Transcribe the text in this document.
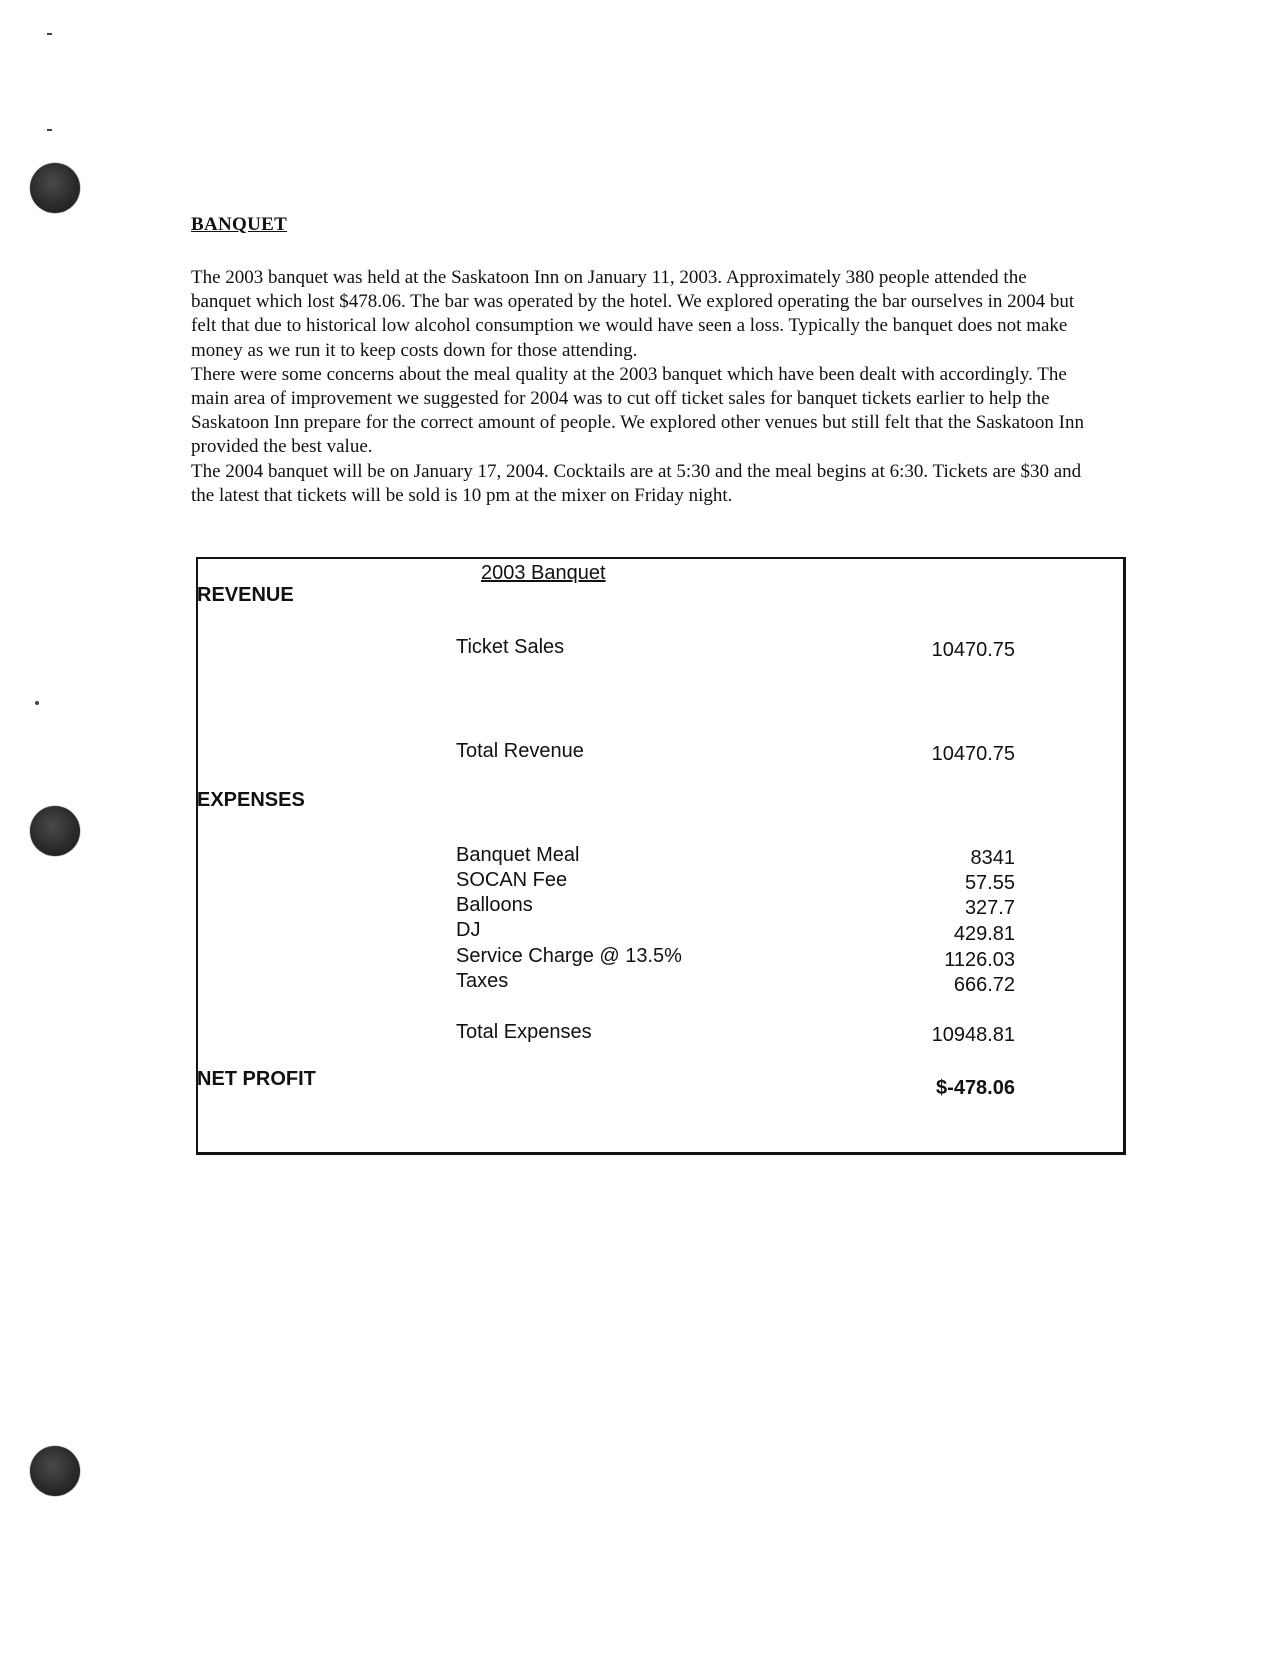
BANQUET

The 2003 banquet was held at the Saskatoon Inn on January 11, 2003. Approximately 380 people attended the banquet which lost $478.06. The bar was operated by the hotel. We explored operating the bar ourselves in 2004 but felt that due to historical low alcohol consumption we would have seen a loss. Typically the banquet does not make money as we run it to keep costs down for those attending.

There were some concerns about the meal quality at the 2003 banquet which have been dealt with accordingly. The main area of improvement we suggested for 2004 was to cut off ticket sales for banquet tickets earlier to help the Saskatoon Inn prepare for the correct amount of people. We explored other venues but still felt that the Saskatoon Inn provided the best value.

The 2004 banquet will be on January 17, 2004. Cocktails are at 5:30 and the meal begins at 6:30. Tickets are $30 and the latest that tickets will be sold is 10 pm at the mixer on Friday night.

2003 Banquet
REVENUE
Ticket Sales	10470.75
Total Revenue	10470.75
EXPENSES
Banquet Meal	8341
SOCAN Fee	57.55
Balloons	327.7
DJ	429.81
Service Charge @ 13.5%	1126.03
Taxes	666.72
Total Expenses	10948.81
NET PROFIT	$-478.06
